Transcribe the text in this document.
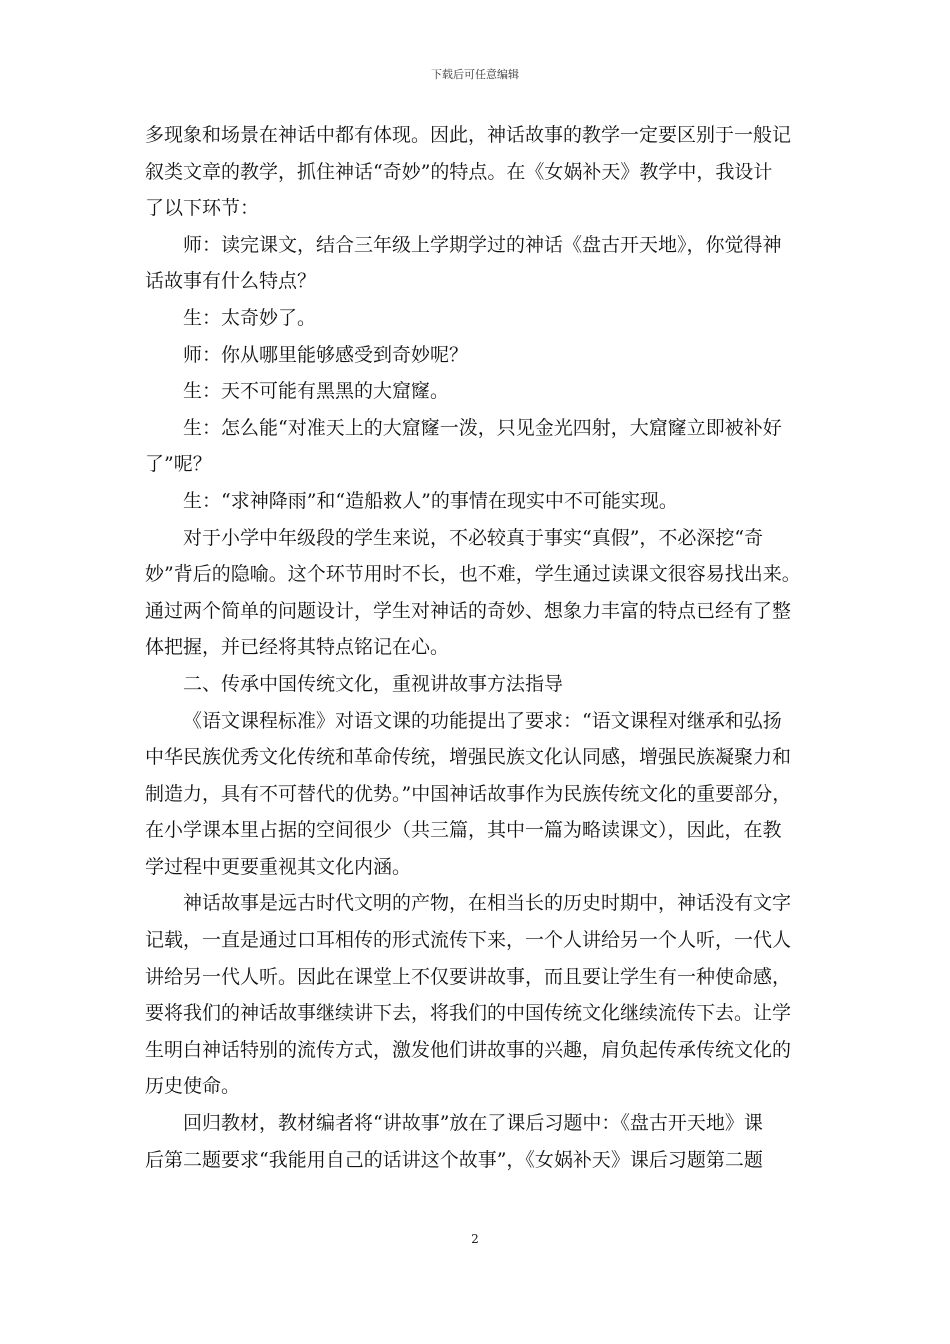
下载后可任意编辑
多现象和场景在神话中都有体现。因此，神话故事的教学一定要区别于一般记
叙类文章的教学，抓住神话“奇妙”的特点。在《女娲补天》教学中，我设计
了以下环节：
师：读完课文，结合三年级上学期学过的神话《盘古开天地》，你觉得神
话故事有什么特点？
生：太奇妙了。
师：你从哪里能够感受到奇妙呢？
生：天不可能有黑黑的大窟窿。
生：怎么能“对准天上的大窟窿一泼，只见金光四射，大窟窿立即被补好
了”呢？
生：“求神降雨”和“造船救人”的事情在现实中不可能实现。
对于小学中年级段的学生来说，不必较真于事实“真假”，不必深挖“奇
妙”背后的隐喻。这个环节用时不长，也不难，学生通过读课文很容易找出来。
通过两个简单的问题设计，学生对神话的奇妙、想象力丰富的特点已经有了整
体把握，并已经将其特点铭记在心。
二、传承中国传统文化，重视讲故事方法指导
《语文课程标准》对语文课的功能提出了要求：“语文课程对继承和弘扬
中华民族优秀文化传统和革命传统，增强民族文化认同感，增强民族凝聚力和
制造力，具有不可替代的优势。”中国神话故事作为民族传统文化的重要部分，
在小学课本里占据的空间很少（共三篇，其中一篇为略读课文），因此，在教
学过程中更要重视其文化内涵。
神话故事是远古时代文明的产物，在相当长的历史时期中，神话没有文字
记载，一直是通过口耳相传的形式流传下来，一个人讲给另一个人听，一代人
讲给另一代人听。因此在课堂上不仅要讲故事，而且要让学生有一种使命感，
要将我们的神话故事继续讲下去，将我们的中国传统文化继续流传下去。让学
生明白神话特别的流传方式，激发他们讲故事的兴趣，肩负起传承传统文化的
历史使命。
回归教材，教材编者将“讲故事”放在了课后习题中：《盘古开天地》课
后第二题要求“我能用自己的话讲这个故事”，《女娲补天》课后习题第二题
2
